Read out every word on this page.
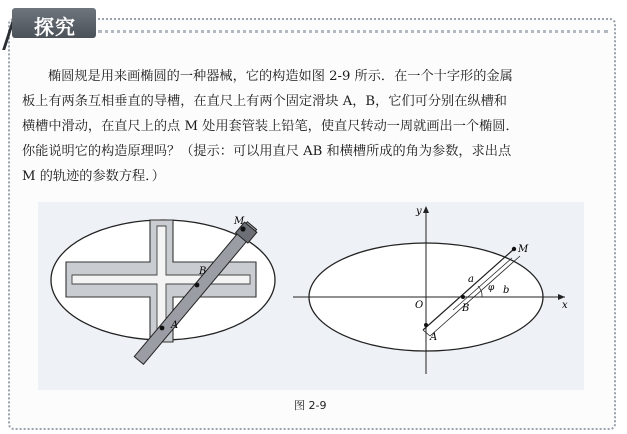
探究
椭圆规是用来画椭圆的一种器械，它的构造如图 2-9 所示．在一个十字形的金属
板上有两条互相垂直的导槽，在直尺上有两个固定滑块 A，B，它们可分别在纵槽和
横槽中滑动，在直尺上的点 M 处用套管装上铅笔，使直尺转动一周就画出一个椭圆．
你能说明它的构造原理吗？（提示：可以用直尺 AB 和横槽所成的角为参数，求出点
M 的轨迹的参数方程．）
M
B
A
y
x
O
M
a
b
φ
B
A
图 2-9
